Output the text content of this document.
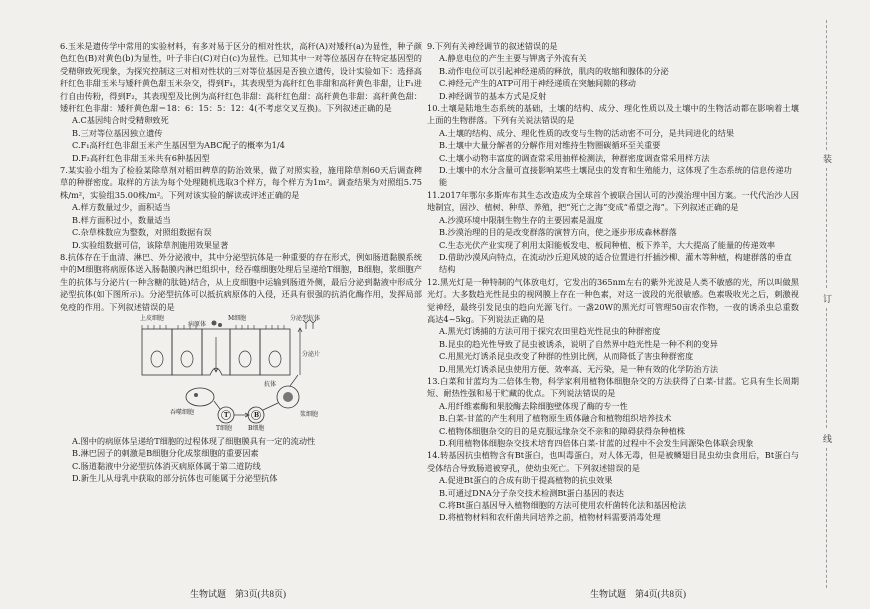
6.玉米是遗传学中常用的实验材料，有多对易于区分的相对性状，高秆(A)对矮秆(a)为显性，种子颜色红色(B)对黄色(b)为显性，叶子非白(C)对白(c)为显性。已知其中一对等位基因存在特定基因型的受精卵致死现象，为探究控制这三对相对性状的三对等位基因是否独立遗传，设计实验如下：选择高秆红色非甜玉米与矮秆黄色甜玉米杂交，得到F₁，其表现型为高秆红色非甜和高秆黄色非甜，让F₁进行自由传粉，得到F₂，其表现型及比例为高秆红色非甜：高秆红色甜：高秆黄色非甜：高秆黄色甜：矮秆红色非甜：矮秆黄色甜＝18：6：15：5：12：4(不考虑交叉互换)。下列叙述正确的是

A.C基因纯合时受精卵致死

B.三对等位基因独立遗传

C.F₁高秆红色非甜玉米产生基因型为ABC配子的概率为1/4

D.F₂高秆红色非甜玉米共有6种基因型

7.某实验小组为了检验某除草剂对稻田稗草的防治效果，做了对照实验，施用除草剂60天后调查稗草的种群密度。取样的方法为每个处理随机选取3个样方，每个样方为1m²。调查结果为对照组5.75株/m²，实验组35.00株/m²。下列对该实验的解读或评述正确的是

A.样方数量过少，面积适当

B.样方面积过小，数量适当

C.杂草株数应为整数，对照组数据有误

D.实验组数据可信，该除草剂施用效果显著

8.抗体存在于血清、淋巴、外分泌液中，其中分泌型抗体是一种重要的存在形式，例如肠道黏膜系统中的M细胞将病原体送入肠黏膜内淋巴组织中，经吞噬细胞处理后呈递给T细胞，B细胞，浆细胞产生的抗体与分泌片(一种含糖的肽链)结合，从上皮细胞中运输到肠道外侧，最后分泌到黏液中形成分泌型抗体(如下图所示)。分泌型抗体可以抵抗病原体的入侵，还具有很强的抗消化酶作用，发挥局部免疫的作用。下列叙述错误的是

上皮细胞
病原体
M细胞	分泌型抗体
分泌片
吞噬细胞
T细胞	B细胞
抗体
浆细胞
T	B

A.图中的病原体呈递给T细胞的过程体现了细胞膜具有一定的流动性

B.淋巴因子的刺激是B细胞分化成浆细胞的重要因素

C.肠道黏液中分泌型抗体消灭病原体属于第二道防线

D.新生儿从母乳中获取的部分抗体也可能属于分泌型抗体

9.下列有关神经调节的叙述错误的是

A.静息电位的产生主要与钾离子外流有关

B.动作电位可以引起神经递质的释放，肌肉的收缩和腺体的分泌

C.神经元产生的ATP可用于神经递质在突触间隙的移动

D.神经调节的基本方式是反射

10.土壤是陆地生态系统的基础，土壤的结构、成分、理化性质以及土壤中的生物活动都在影响着土壤上面的生物群落。下列有关说法错误的是

A.土壤的结构、成分、理化性质的改变与生物的活动密不可分，是共同进化的结果

B.土壤中大量分解者的分解作用对维持生物圈碳循环至关重要

C.土壤小动物丰富度的调查常采用抽样检测法，种群密度调查常采用样方法

D.土壤中的水分含量可直接影响某些土壤昆虫的发育和生殖能力，这体现了生态系统的信息传递功能

11.2017年鄂尔多斯库布其生态改造成为全球首个被联合国认可的沙漠治理中国方案。一代代治沙人因地制宜，固沙、植树、种草、养殖，把“死亡之海”变成“希望之海”。下列叙述正确的是

A.沙漠环境中限制生物生存的主要因素是温度

B.沙漠治理的目的是改变群落的演替方向，使之逐步形成森林群落

C.生态光伏产业实现了利用太阳能板发电、板间种植、板下养羊，大大提高了能量的传递效率

D.借助沙漠风向特点，在流动沙丘迎风坡的适合位置进行扦插沙柳、灌木等种植，构建群落的垂直结构

12.黑光灯是一种特制的气体放电灯，它发出的365nm左右的紫外光波是人类不敏感的光，所以叫做黑光灯。大多数趋光性昆虫的视网膜上存在一种色素，对这一波段的光很敏感。色素吸收光之后，刺激视觉神经，最终引发昆虫的趋向光源飞行。一盏20W的黑光灯可管理50亩农作物，一夜的诱杀虫总重数高达4~5kg。下列说法正确的是

A.黑光灯诱捕的方法可用于探究农田里趋光性昆虫的种群密度

B.昆虫的趋光性导致了昆虫被诱杀，说明了自然界中趋光性是一种不利的变异

C.用黑光灯诱杀昆虫改变了种群的性别比例，从而降低了害虫种群密度

D.用黑光灯诱杀昆虫使用方便、效率高、无污染，是一种有效的化学防治方法

13.白菜和甘蓝均为二倍体生物，科学家利用植物体细胞杂交的方法获得了白菜-甘蓝。它具有生长周期短、耐热性强和易于贮藏的优点。下列说法错误的是

A.用纤维素酶和果胶酶去除细胞壁体现了酶的专一性

B.白菜-甘蓝的产生利用了植物原生质体融合和植物组织培养技术

C.植物体细胞杂交的目的是克服远缘杂交不亲和的障碍获得杂种植株

D.利用植物体细胞杂交技术培育四倍体白菜-甘蓝的过程中不会发生同源染色体联会现象

14.转基因抗虫植物含有Bt蛋白，也叫毒蛋白，对人体无毒，但是被鳞翅目昆虫幼虫食用后，Bt蛋白与受体结合导致肠道被穿孔，使幼虫死亡。下列叙述错误的是

A.促进Bt蛋白的合成有助于提高植物的抗虫效果

B.可通过DNA分子杂交技术检测Bt蛋白基因的表达

C.将Bt蛋白基因导入植物细胞的方法可使用农杆菌转化法和基因枪法

D.将植物材料和农杆菌共同培养之前，植物材料需要消毒处理

生物试题　第3页(共8页)	生物试题　第4页(共8页)
装
订
线
